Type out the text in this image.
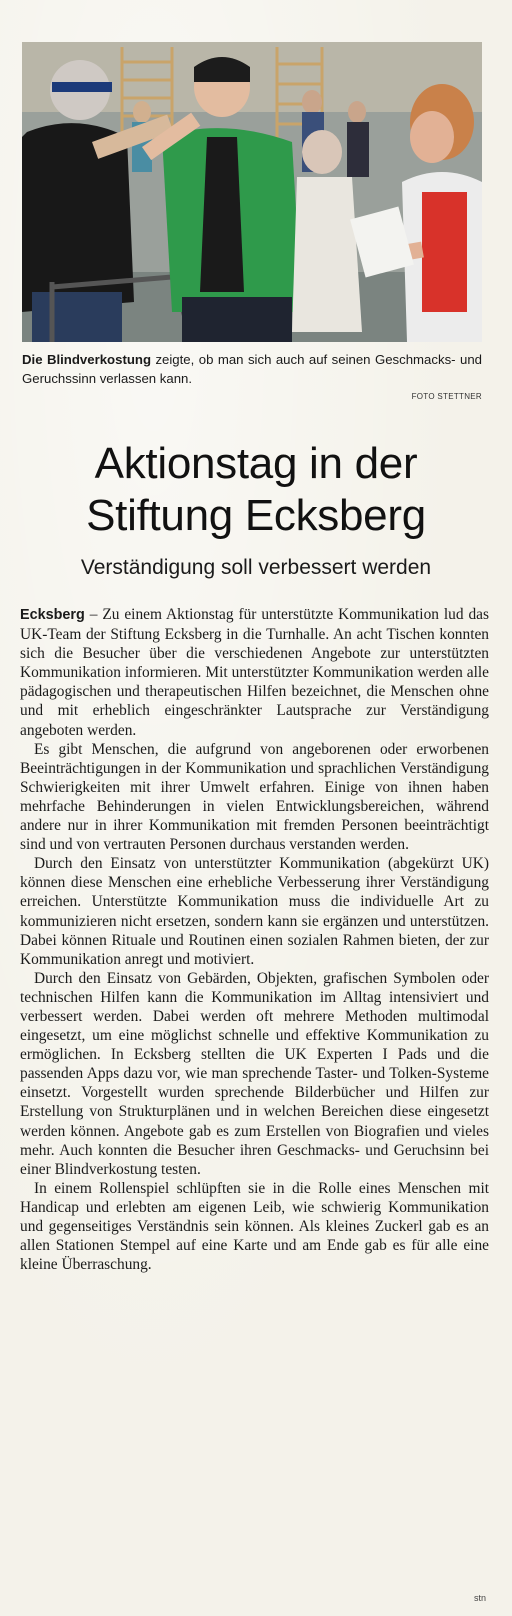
Die Blindverkostung zeigte, ob man sich auch auf seinen Geschmacks- und Geruchssinn verlassen kann.
FOTO STETTNER
Aktionstag in der
Stiftung Ecksberg
Verständigung soll verbessert werden

Ecksberg – Zu einem Aktionstag für unterstützte Kommunikation lud das UK-Team der Stiftung Ecksberg in die Turnhalle. An acht Tischen konnten sich die Besucher über die verschiedenen Angebote zur unterstützten Kommunikation informieren. Mit unterstützter Kommunikation werden alle pädagogischen und therapeutischen Hilfen bezeichnet, die Menschen ohne und mit erheblich eingeschränkter Lautsprache zur Verständigung angeboten werden.

Es gibt Menschen, die aufgrund von angeborenen oder erworbenen Beeinträchtigungen in der Kommunikation und sprachlichen Verständigung Schwierigkeiten mit ihrer Umwelt erfahren. Einige von ihnen haben mehrfache Behinderungen in vielen Entwicklungsbereichen, während andere nur in ihrer Kommunikation mit fremden Personen beeinträchtigt sind und von vertrauten Personen durchaus verstanden werden.

Durch den Einsatz von unterstützter Kommunikation (abgekürzt UK) können diese Menschen eine erhebliche Verbesserung ihrer Verständigung erreichen. Unterstützte Kommunikation muss die individuelle Art zu kommunizieren nicht ersetzen, sondern kann sie ergänzen und unterstützen. Dabei können Rituale und Routinen einen sozialen Rahmen bieten, der zur Kommunikation anregt und motiviert.

Durch den Einsatz von Gebärden, Objekten, grafischen Symbolen oder technischen Hilfen kann die Kommunikation im Alltag intensiviert und verbessert werden. Dabei werden oft mehrere Methoden multimodal eingesetzt, um eine möglichst schnelle und effektive Kommunikation zu ermöglichen. In Ecksberg stellten die UK Experten I Pads und die passenden Apps dazu vor, wie man sprechende Taster- und Tolken-Systeme einsetzt. Vorgestellt wurden sprechende Bilderbücher und Hilfen zur Erstellung von Strukturplänen und in welchen Bereichen diese eingesetzt werden können. Angebote gab es zum Erstellen von Biografien und vieles mehr. Auch konnten die Besucher ihren Geschmacks- und Geruchsinn bei einer Blindverkostung testen.

In einem Rollenspiel schlüpften sie in die Rolle eines Menschen mit Handicap und erlebten am eigenen Leib, wie schwierig Kommunikation und gegenseitiges Verständnis sein können. Als kleines Zuckerl gab es an allen Stationen Stempel auf eine Karte und am Ende gab es für alle eine kleine Überraschung.

stn
